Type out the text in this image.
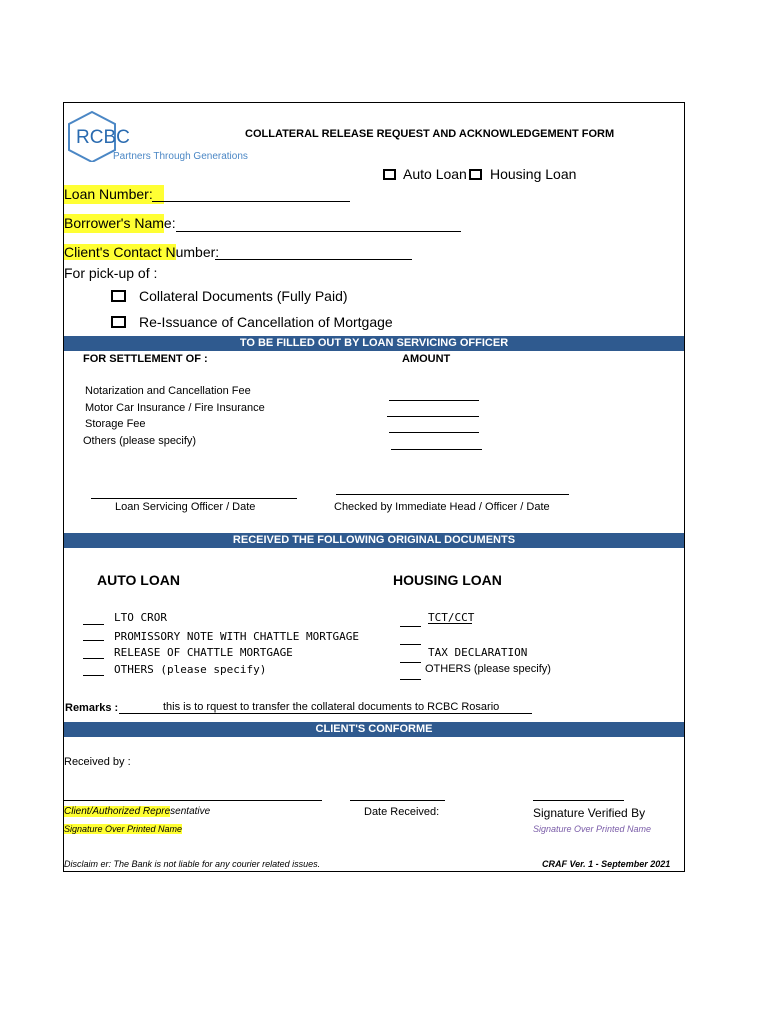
RCBC
Partners Through Generations
COLLATERAL RELEASE REQUEST AND ACKNOWLEDGEMENT FORM
Auto Loan Housing Loan
Loan Number:
Borrower's Name:
Client's Contact Number:
For pick-up of :
Collateral Documents (Fully Paid)
Re-Issuance of Cancellation of Mortgage
TO BE FILLED OUT BY LOAN SERVICING OFFICER
FOR SETTLEMENT OF :	AMOUNT
Notarization and Cancellation Fee
Motor Car Insurance / Fire Insurance
Storage Fee
Others (please specify)
Loan Servicing Officer / Date	Checked by Immediate Head / Officer / Date
RECEIVED THE FOLLOWING ORIGINAL DOCUMENTS
AUTO LOAN	HOUSING LOAN
LTO CROR
PROMISSORY NOTE WITH CHATTLE MORTGAGE
RELEASE OF CHATTLE MORTGAGE
OTHERS (please specify)
TCT/CCT
TAX DECLARATION
OTHERS (please specify)
Remarks :	this is to rquest to transfer the collateral documents to RCBC Rosario
CLIENT'S CONFORME
Received by :
Client/Authorized Representative
Signature Over Printed Name
Date Received:	Signature Verified By
Signature Over Printed Name
Disclaim er: The Bank is not liable for any courier related issues.	CRAF Ver. 1 - September 2021
